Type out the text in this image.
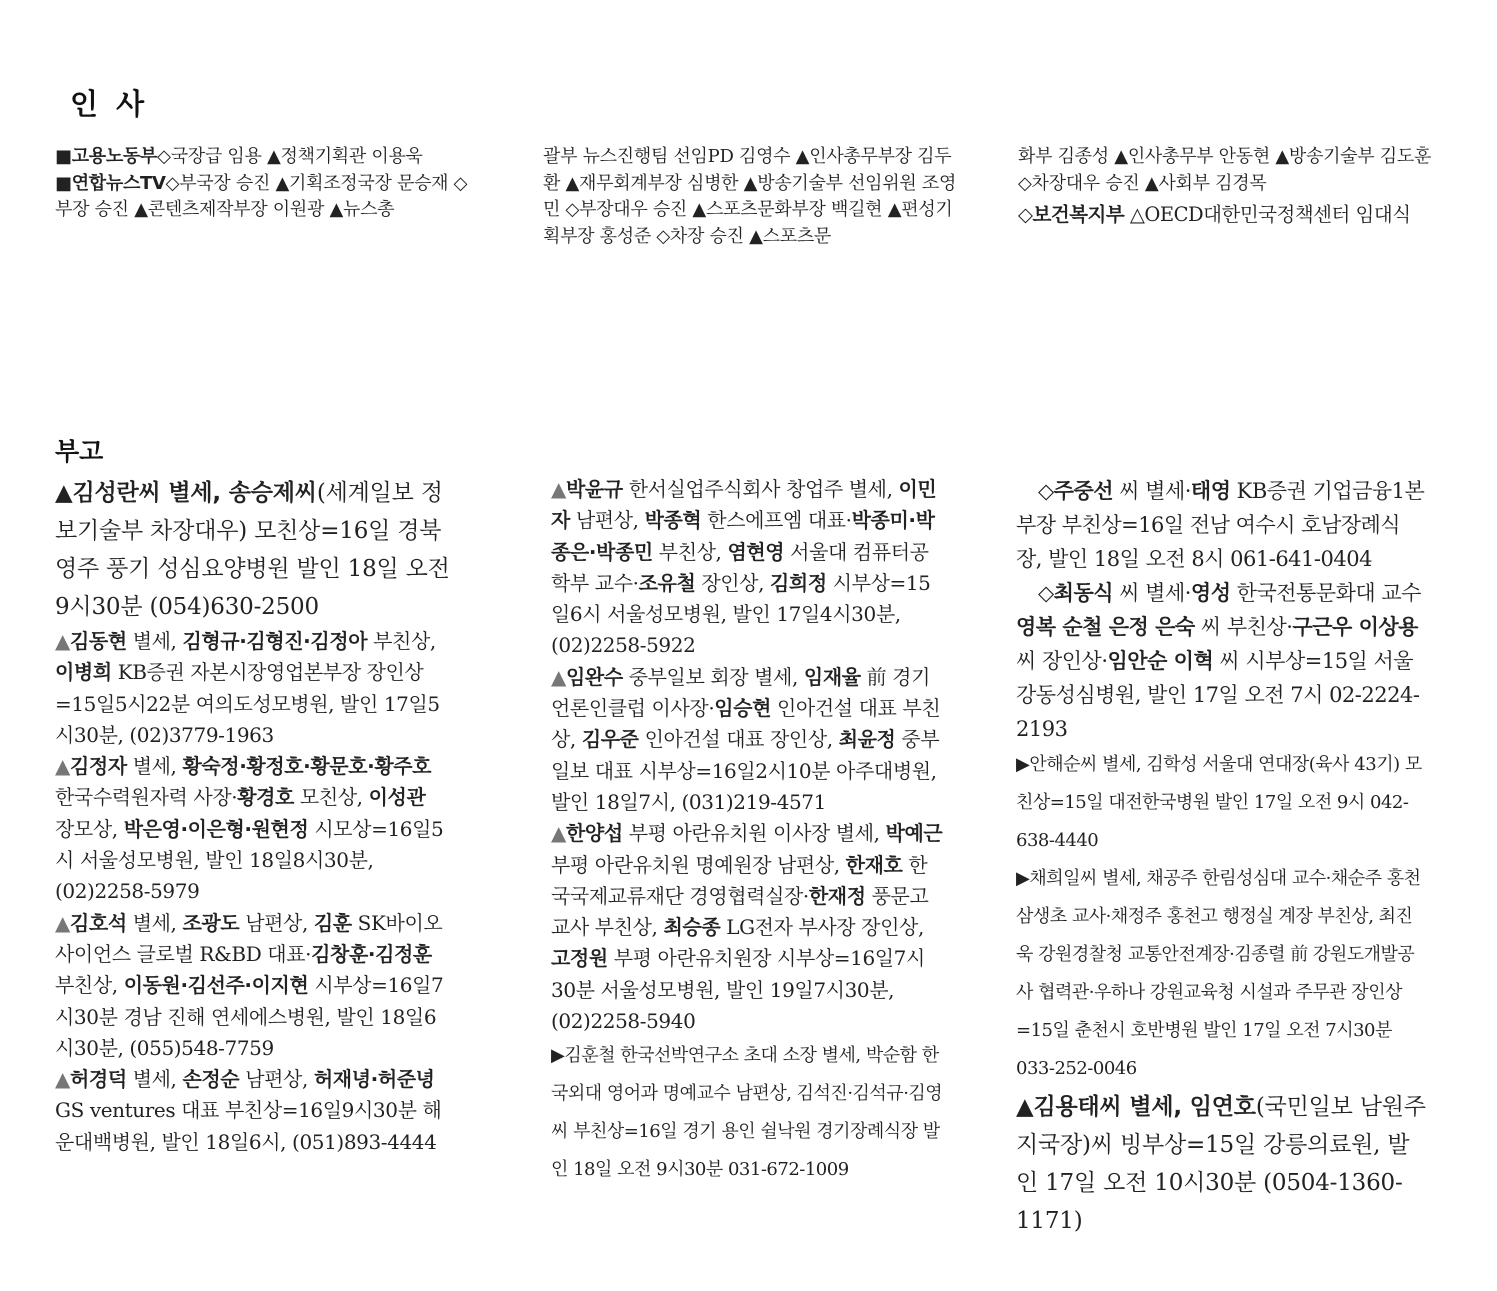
인 사

■고용노동부◇국장급 임용 ▲정책기획관 이용욱
■연합뉴스TV◇부국장 승진 ▲기획조정국장 문승재 ◇부장 승진 ▲콘텐츠제작부장 이원광 ▲뉴스총

괄부 뉴스진행팀 선임PD 김영수 ▲인사총무부장 김두환 ▲재무회계부장 심병한 ▲방송기술부 선임위원 조영민 ◇부장대우 승진 ▲스포츠문화부장 백길현 ▲편성기획부장 홍성준 ◇차장 승진 ▲스포츠문

화부 김종성 ▲인사총무부 안동현 ▲방송기술부 김도훈 ◇차장대우 승진 ▲사회부 김경목

◇보건복지부 △OECD대한민국정책센터 임대식

부고

▲김성란씨 별세, 송승제씨(세계일보 정보기술부 차장대우) 모친상=16일 경북 영주 풍기 성심요양병원 발인 18일 오전 9시30분 (054)630-2500

▲김동현 별세, 김형규·김형진·김정아 부친상, 이병희 KB증권 자본시장영업본부장 장인상=15일5시22분 여의도성모병원, 발인 17일5시30분, (02)3779-1963

▲김정자 별세, 황숙정·황정호·황문호·황주호 한국수력원자력 사장·황경호 모친상, 이성관 장모상, 박은영·이은형·원현정 시모상=16일5시 서울성모병원, 발인 18일8시30분, (02)2258-5979

▲김호석 별세, 조광도 남편상, 김훈 SK바이오사이언스 글로벌 R&BD 대표·김창훈·김정훈 부친상, 이동원·김선주·이지현 시부상=16일7시30분 경남 진해 연세에스병원, 발인 18일6시30분, (055)548-7759

▲허경덕 별세, 손정순 남편상, 허재녕·허준녕 GS ventures 대표 부친상=16일9시30분 해운대백병원, 발인 18일6시, (051)893-4444

▲박윤규 한서실업주식회사 창업주 별세, 이민자 남편상, 박종혁 한스에프엠 대표·박종미·박종은·박종민 부친상, 염현영 서울대 컴퓨터공학부 교수·조유철 장인상, 김희정 시부상=15일6시 서울성모병원, 발인 17일4시30분, (02)2258-5922

▲임완수 중부일보 회장 별세, 임재율 前 경기언론인클럽 이사장·임승현 인아건설 대표 부친상, 김우준 인아건설 대표 장인상, 최윤정 중부일보 대표 시부상=16일2시10분 아주대병원, 발인 18일7시, (031)219-4571

▲한양섭 부평 아란유치원 이사장 별세, 박예근 부평 아란유치원 명예원장 남편상, 한재호 한국국제교류재단 경영협력실장·한재정 풍문고 교사 부친상, 최승종 LG전자 부사장 장인상, 고정원 부평 아란유치원장 시부상=16일7시30분 서울성모병원, 발인 19일7시30분, (02)2258-5940

▶김훈철 한국선박연구소 초대 소장 별세, 박순함 한국외대 영어과 명예교수 남편상, 김석진·김석규·김영씨 부친상=16일 경기 용인 쉴낙원 경기장례식장 발인 18일 오전 9시30분 031-672-1009

◇주중선 씨 별세·태영 KB증권 기업금융1본부장 부친상=16일 전남 여수시 호남장례식장, 발인 18일 오전 8시 061-641-0404

◇최동식 씨 별세·영성 한국전통문화대 교수 영복 순철 은정 은숙 씨 부친상·구근우 이상용 씨 장인상·임안순 이혁 씨 시부상=15일 서울 강동성심병원, 발인 17일 오전 7시 02-2224-2193

▶안해순씨 별세, 김학성 서울대 연대장(육사 43기) 모친상=15일 대전한국병원 발인 17일 오전 9시 042-638-4440

▶채희일씨 별세, 채공주 한림성심대 교수·채순주 홍천 삼생초 교사·채정주 홍천고 행정실 계장 부친상, 최진욱 강원경찰청 교통안전계장·김종렬 前 강원도개발공사 협력관·우하나 강원교육청 시설과 주무관 장인상=15일 춘천시 호반병원 발인 17일 오전 7시30분 033-252-0046

▲김용태씨 별세, 임연호(국민일보 남원주지국장)씨 빙부상=15일 강릉의료원, 발인 17일 오전 10시30분 (0504-1360-1171)
